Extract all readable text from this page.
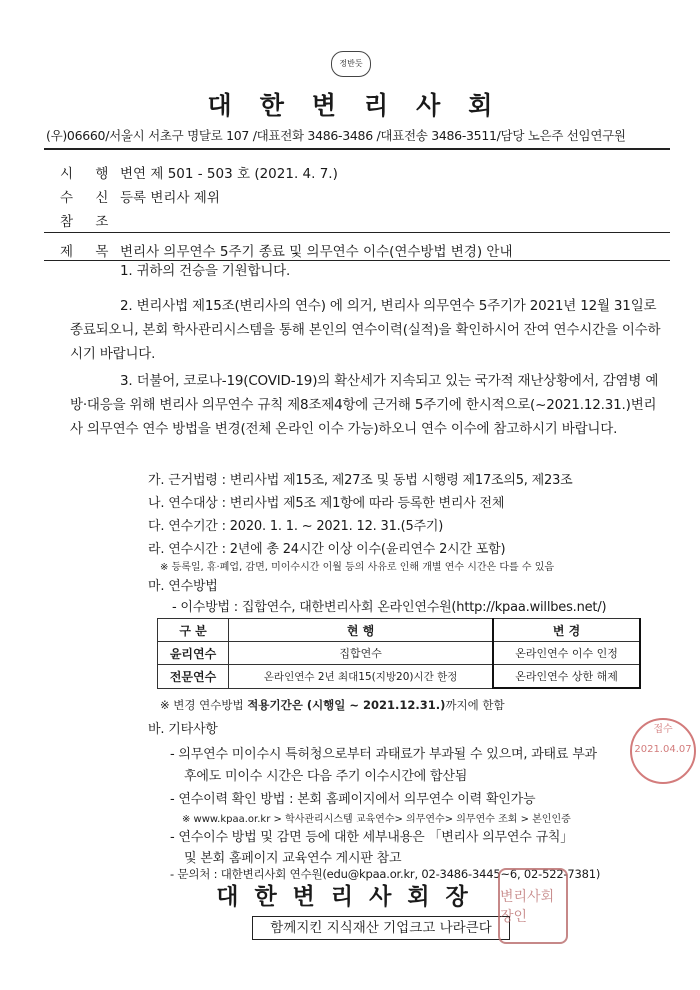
정반듯
대한변리사회
(우)06660/서울시 서초구 명달로 107 /대표전화 3486-3486 /대표전송 3486-3511/담당 노은주 선임연구원
시 행 변연 제 501 - 503 호 (2021. 4. 7.)
수 신 등록 변리사 제위
참 조
제 목 변리사 의무연수 5주기 종료 및 의무연수 이수(연수방법 변경) 안내
1. 귀하의 건승을 기원합니다.
2. 변리사법 제15조(변리사의 연수) 에 의거, 변리사 의무연수 5주기가 2021년 12월 31일로 종료되오니, 본회 학사관리시스템을 통해 본인의 연수이력(실적)을 확인하시어 잔여 연수시간을 이수하시기 바랍니다.
3. 더불어, 코로나-19(COVID-19)의 확산세가 지속되고 있는 국가적 재난상황에서, 감염병 예방·대응을 위해 변리사 의무연수 규칙 제8조제4항에 근거해 5주기에 한시적으로(~2021.12.31.)변리사 의무연수 연수 방법을 변경(전체 온라인 이수 가능)하오니 연수 이수에 참고하시기 바랍니다.
가. 근거법령 : 변리사법 제15조, 제27조 및 동법 시행령 제17조의5, 제23조
나. 연수대상 : 변리사법 제5조 제1항에 따라 등록한 변리사 전체
다. 연수기간 : 2020. 1. 1. ~ 2021. 12. 31.(5주기)
라. 연수시간 : 2년에 총 24시간 이상 이수(윤리연수 2시간 포함)
※ 등록일, 휴·폐업, 감면, 미이수시간 이월 등의 사유로 인해 개별 연수 시간은 다를 수 있음
마. 연수방법
- 이수방법 : 집합연수, 대한변리사회 온라인연수원(http://kpaa.willbes.net/)
구 분	현 행	변 경
윤리연수	집합연수	온라인연수 이수 인정
전문연수	온라인연수 2년 최대15(지방20)시간 한정	온라인연수 상한 해제
※ 변경 연수방법 적용기간은 (시행일 ~ 2021.12.31.)까지에 한함
바. 기타사항
- 의무연수 미이수시 특허청으로부터 과태료가 부과될 수 있으며, 과태료 부과
후에도 미이수 시간은 다음 주기 이수시간에 합산됨
- 연수이력 확인 방법 : 본회 홈페이지에서 의무연수 이력 확인가능
※ www.kpaa.or.kr > 학사관리시스템 교육연수> 의무연수> 의무연수 조회 > 본인인증
- 연수이수 방법 및 감면 등에 대한 세부내용은 「변리사 의무연수 규칙」
및 본회 홈페이지 교육연수 게시판 참고
- 문의처 : 대한변리사회 연수원(edu@kpaa.or.kr, 02-3486-3445~6, 02-522-7381)
대한변리사회장
함께지킨 지식재산 기업크고 나라큰다
변리사회장인
접수 2021.04.07
